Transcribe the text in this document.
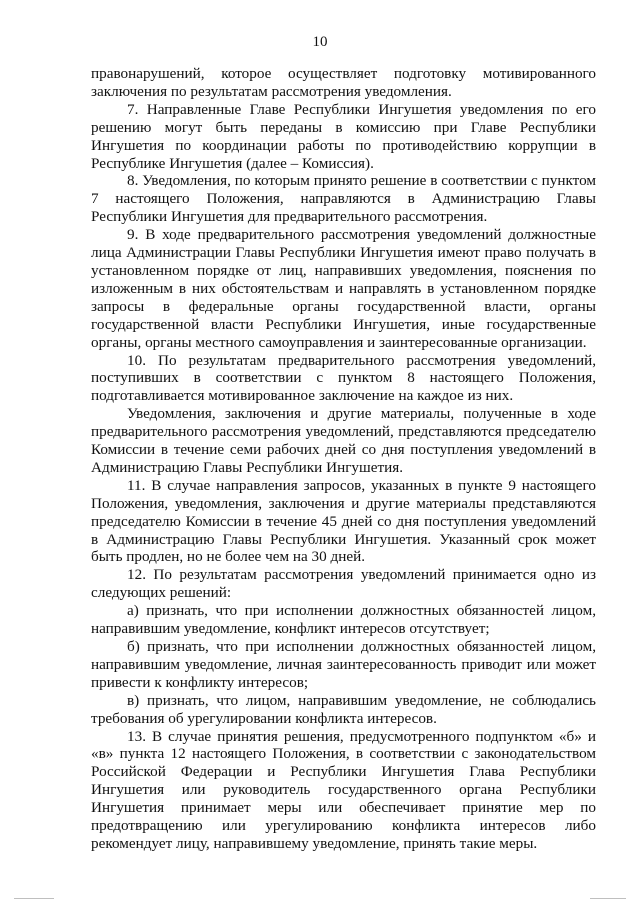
10

правонарушений, которое осуществляет подготовку мотивированного заключения по результатам рассмотрения уведомления.

7. Направленные Главе Республики Ингушетия уведомления по его решению могут быть переданы в комиссию при Главе Республики Ингушетия по координации работы по противодействию коррупции в Республике Ингушетия (далее – Комиссия).

8. Уведомления, по которым принято решение в соответствии с пунктом 7 настоящего Положения, направляются в Администрацию Главы Республики Ингушетия для предварительного рассмотрения.

9. В ходе предварительного рассмотрения уведомлений должностные лица Администрации Главы Республики Ингушетия имеют право получать в установленном порядке от лиц, направивших уведомления, пояснения по изложенным в них обстоятельствам и направлять в установленном порядке запросы в федеральные органы государственной власти, органы государственной власти Республики Ингушетия, иные государственные органы, органы местного самоуправления и заинтересованные организации.

10. По результатам предварительного рассмотрения уведомлений, поступивших в соответствии с пунктом 8 настоящего Положения, подготавливается мотивированное заключение на каждое из них.

Уведомления, заключения и другие материалы, полученные в ходе предварительного рассмотрения уведомлений, представляются председателю Комиссии в течение семи рабочих дней со дня поступления уведомлений в Администрацию Главы Республики Ингушетия.

11. В случае направления запросов, указанных в пункте 9 настоящего Положения, уведомления, заключения и другие материалы представляются председателю Комиссии в течение 45 дней со дня поступления уведомлений в Администрацию Главы Республики Ингушетия. Указанный срок может быть продлен, но не более чем на 30 дней.

12. По результатам рассмотрения уведомлений принимается одно из следующих решений:

а) признать, что при исполнении должностных обязанностей лицом, направившим уведомление, конфликт интересов отсутствует;

б) признать, что при исполнении должностных обязанностей лицом, направившим уведомление, личная заинтересованность приводит или может привести к конфликту интересов;

в) признать, что лицом, направившим уведомление, не соблюдались требования об урегулировании конфликта интересов.

13. В случае принятия решения, предусмотренного подпунктом «б» и «в» пункта 12 настоящего Положения, в соответствии с законодательством Российской Федерации и Республики Ингушетия Глава Республики Ингушетия или руководитель государственного органа Республики Ингушетия принимает меры или обеспечивает принятие мер по предотвращению или урегулированию конфликта интересов либо рекомендует лицу, направившему уведомление, принять такие меры.
